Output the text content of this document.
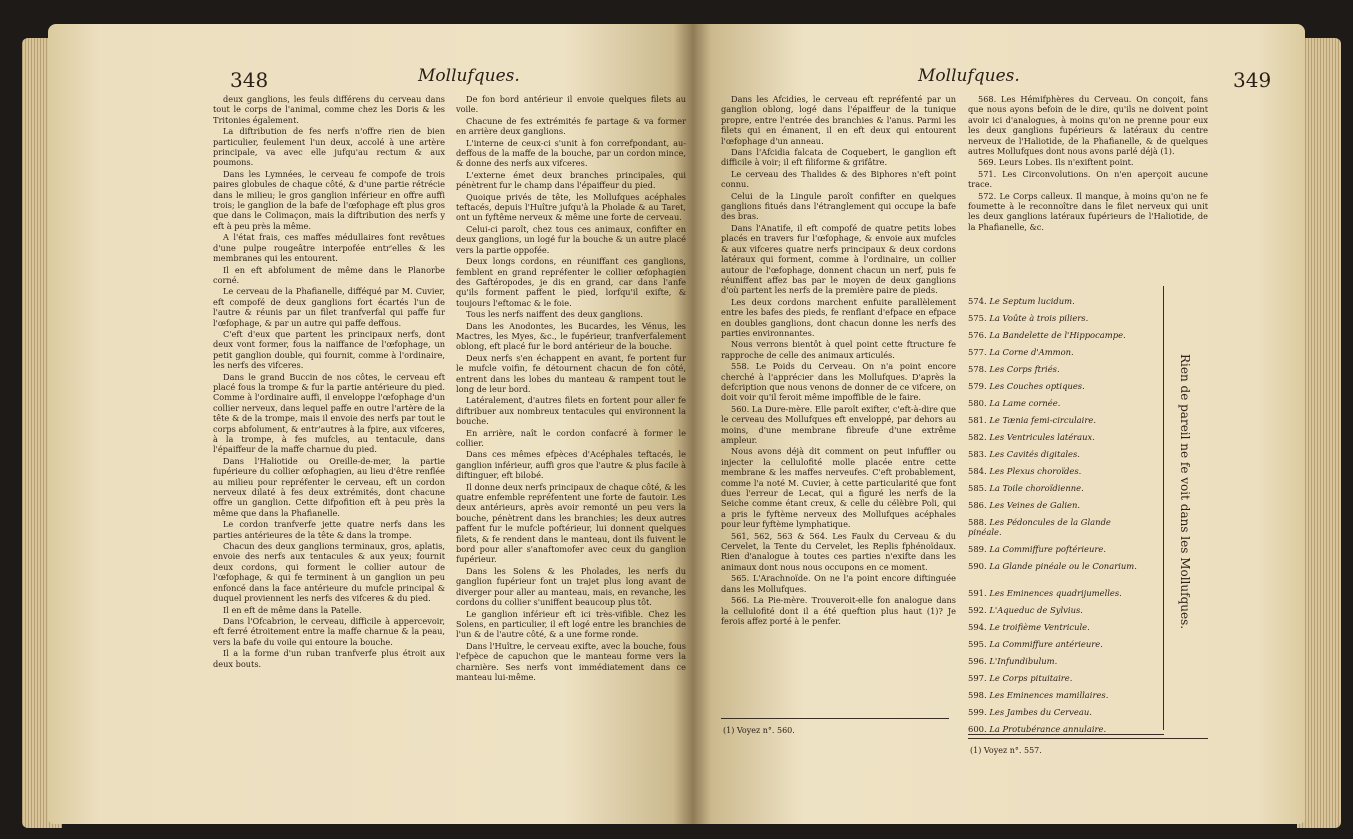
348	Mollufques.

deux ganglions, les feuls différens du cerveau dans tout le corps de l'animal, comme chez les Doris & les Tritonies également.

La diftribution de fes nerfs n'offre rien de bien particulier, feulement l'un deux, accolé à une artère principale, va avec elle jufqu'au rectum & aux poumons.

Dans les Lymnées, le cerveau fe compofe de trois paires globules de chaque côté, & d'une partie rétrécie dans le milieu; le gros ganglion inférieur en offre auffi trois; le ganglion de la bafe de l'œfophage eft plus gros que dans le Colimaçon, mais la diftribution des nerfs y eft à peu près la même.

A l'état frais, ces maffes médullaires font revêtues d'une pulpe rougeâtre interpofée entr'elles & les membranes qui les entourent.

Il en eft abfolument de même dans le Planorbe corné.

Le cerveau de la Phafianelle, difféqué par M. Cuvier, eft compofé de deux ganglions fort écartés l'un de l'autre & réunis par un filet tranfverfal qui paffe fur l'œfophage, & par un autre qui paffe deffous.

C'eft d'eux que partent les principaux nerfs, dont deux vont former, fous la naiffance de l'œfophage, un petit ganglion double, qui fournit, comme à l'ordinaire, les nerfs des vifceres.

Dans le grand Buccin de nos côtes, le cerveau eft placé fous la trompe & fur la partie antérieure du pied. Comme à l'ordinaire auffi, il enveloppe l'œfophage d'un collier nerveux, dans lequel paffe en outre l'artère de la tête & de la trompe, mais il envoie des nerfs par tout le corps abfolument, & entr'autres à la fpire, aux vifceres, à la trompe, à fes mufcles, au tentacule, dans l'épaiffeur de la maffe charnue du pied.

Dans l'Haliotide ou Oreille-de-mer, la partie fupérieure du collier œfophagien, au lieu d'être renflée au milieu pour repréfenter le cerveau, eft un cordon nerveux dilaté à fes deux extrémités, dont chacune offre un ganglion. Cette difpofition eft à peu près la même que dans la Phafianelle.

Le cordon tranfverfe jette quatre nerfs dans les parties antérieures de la tête & dans la trompe.

Chacun des deux ganglions terminaux, gros, aplatis, envoie des nerfs aux tentacules & aux yeux; fournit deux cordons, qui forment le collier autour de l'œfophage, & qui fe terminent à un ganglion un peu enfoncé dans la face antérieure du mufcle principal & duquel proviennent les nerfs des vifceres & du pied.

Il en eft de même dans la Patelle.

Dans l'Ofcabrion, le cerveau, difficile à appercevoir, eft ferré étroitement entre la maffe charnue & la peau, vers la bafe du voile qui entoure la bouche.

Il a la forme d'un ruban tranfverfe plus étroit aux deux bouts.

De fon bord antérieur il envoie quelques filets au voile.

Chacune de fes extrémités fe partage & va former en arrière deux ganglions.

L'interne de ceux-ci s'unit à fon correfpondant, au-deffous de la maffe de la bouche, par un cordon mince, & donne des nerfs aux vifceres.

L'externe émet deux branches principales, qui pénètrent fur le champ dans l'épaiffeur du pied.

Quoique privés de tête, les Mollufques acéphales teftacés, depuis l'Huître jufqu'à la Pholade & au Taret, ont un fyftême nerveux & même une forte de cerveau.

Celui-ci paroît, chez tous ces animaux, confifter en deux ganglions, un logé fur la bouche & un autre placé vers la partie oppofée.

Deux longs cordons, en réuniffant ces ganglions, femblent en grand repréfenter le collier œfophagien des Gaftéropodes, je dis en grand, car dans l'anfe qu'ils forment paffent le pied, lorfqu'il exifte, & toujours l'eftomac & le foie.

Tous les nerfs naiffent des deux ganglions.

Dans les Anodontes, les Bucardes, les Vénus, les Mactres, les Myes, &c., le fupérieur, tranfverfalement oblong, eft placé fur le bord antérieur de la bouche.

Deux nerfs s'en échappent en avant, fe portent fur le mufcle voifin, fe détournent chacun de fon côté, entrent dans les lobes du manteau & rampent tout le long de leur bord.

Latéralement, d'autres filets en fortent pour aller fe diftribuer aux nombreux tentacules qui environnent la bouche.

En arrière, naît le cordon confacré à former le collier.

Dans ces mêmes efpèces d'Acéphales teftacés, le ganglion inférieur, auffi gros que l'autre & plus facile à diftinguer, eft bilobé.

Il donne deux nerfs principaux de chaque côté, & les quatre enfemble repréfentent une forte de fautoir. Les deux antérieurs, après avoir remonté un peu vers la bouche, pénètrent dans les branchies; les deux autres paffent fur le mufcle poftérieur, lui donnent quelques filets, & fe rendent dans le manteau, dont ils fuivent le bord pour aller s'anaftomofer avec ceux du ganglion fupérieur.

Dans les Solens & les Pholades, les nerfs du ganglion fupérieur font un trajet plus long avant de diverger pour aller au manteau, mais, en revanche, les cordons du collier s'uniffent beaucoup plus tôt.

Le ganglion inférieur eft ici très-vifible. Chez les Solens, en particulier, il eft logé entre les branchies de l'un & de l'autre côté, & a une forme ronde.

Dans l'Huître, le cerveau exifte, avec la bouche, fous l'efpèce de capuchon que le manteau forme vers la charnière. Ses nerfs vont immédiatement dans ce manteau lui-même.

Mollufques.	349

Dans les Afcidies, le cerveau eft repréfenté par un ganglion oblong, logé dans l'épaiffeur de la tunique propre, entre l'entrée des branchies & l'anus. Parmi les filets qui en émanent, il en eft deux qui entourent l'œfophage d'un anneau.

Dans l'Afcidia falcata de Coquebert, le ganglion eft difficile à voir; il eft filiforme & grifâtre.

Le cerveau des Thalides & des Biphores n'eft point connu.

Celui de la Lingule paroît confifter en quelques ganglions fitués dans l'étranglement qui occupe la bafe des bras.

Dans l'Anatife, il eft compofé de quatre petits lobes placés en travers fur l'œfophage, & envoie aux mufcles & aux vifceres quatre nerfs principaux & deux cordons latéraux qui forment, comme à l'ordinaire, un collier autour de l'œfophage, donnent chacun un nerf, puis fe réuniffent affez bas par le moyen de deux ganglions d'où partent les nerfs de la première paire de pieds.

Les deux cordons marchent enfuite parallèlement entre les bafes des pieds, fe renflant d'efpace en efpace en doubles ganglions, dont chacun donne les nerfs des parties environnantes.

Nous verrons bientôt à quel point cette ftructure fe rapproche de celle des animaux articulés.

558. Le Poids du Cerveau. On n'a point encore cherché à l'apprécier dans les Mollufques. D'après la defcription que nous venons de donner de ce vifcere, on doit voir qu'il feroit même impoffible de le faire.

560. La Dure-mère. Elle paroît exifter, c'eft-à-dire que le cerveau des Mollufques eft enveloppé, par dehors au moins, d'une membrane fibreufe d'une extrême ampleur.

Nous avons déjà dit comment on peut infuffler ou injecter la cellulofité molle placée entre cette membrane & les maffes nerveufes. C'eft probablement, comme l'a noté M. Cuvier, à cette particularité que font dues l'erreur de Lecat, qui a figuré les nerfs de la Seiche comme étant creux, & celle du célèbre Poli, qui a pris le fyftème nerveux des Mollufques acéphales pour leur fyftème lymphatique.

561, 562, 563 & 564. Les Faulx du Cerveau & du Cervelet, la Tente du Cervelet, les Replis fphénoïdaux. Rien d'analogue à toutes ces parties n'exifte dans les animaux dont nous nous occupons en ce moment.

565. L'Arachnoïde. On ne l'a point encore diftinguée dans les Mollufques.

566. La Pie-mère. Trouveroit-elle fon analogue dans la cellulofité dont il a été queftion plus haut (1)? Je ferois affez porté à le penfer.

(1) Voyez n°. 560.

568. Les Hémifphères du Cerveau. On conçoit, fans que nous ayons befoin de le dire, qu'ils ne doivent point avoir ici d'analogues, à moins qu'on ne prenne pour eux les deux ganglions fupérieurs & latéraux du centre nerveux de l'Haliotide, de la Phafianelle, & de quelques autres Mollufques dont nous avons parlé déjà (1).

569. Leurs Lobes. Ils n'exiftent point.

571. Les Circonvolutions. On n'en aperçoit aucune trace.

572. Le Corps calleux. Il manque, à moins qu'on ne fe foumette à le reconnoître dans le filet nerveux qui unit les deux ganglions latéraux fupérieurs de l'Haliotide, de la Phafianelle, &c.

574. Le Septum lucidum.
575. La Voûte à trois piliers.
576. La Bandelette de l'Hippocampe.
577. La Corne d'Ammon.
578. Les Corps ftriés.
579. Les Couches optiques.
580. La Lame cornée.
581. Le Tænia femi-circulaire.
582. Les Ventricules latéraux.
583. Les Cavités digitales.
584. Les Plexus choroïdes.
585. La Toile choroïdienne.
586. Les Veines de Galien.
588. Les Pédoncules de la Glande pinéale.
589. La Commiffure poftérieure.
590. La Glande pinéale ou le Conarium.
591. Les Eminences quadrijumelles.
592. L'Aqueduc de Sylvius.
594. Le troifième Ventricule.
595. La Commiffure antérieure.
596. L'Infundibulum.
597. Le Corps pituitaire.
598. Les Eminences mamillaires.
599. Les Jambes du Cerveau.
600. La Protubérance annulaire.
Rien de pareil ne fe voit dans les Mollufques.
(1) Voyez n°. 557.
